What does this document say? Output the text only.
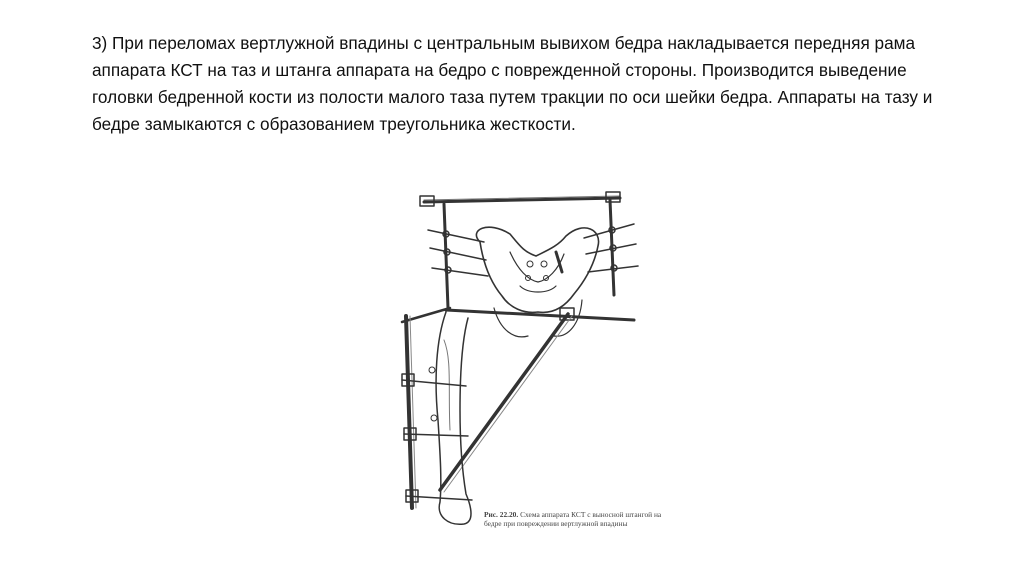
3) При переломах вертлужной впадины с центральным вывихом бедра накладывается передняя рама аппарата КСТ на таз и штанга аппарата на бедро с поврежденной стороны. Производится выведение головки бедренной кости из полости малого таза путем тракции по оси шейки бедра. Аппараты на тазу и бедре замыкаются с образованием треугольника жесткости.

Рис. 22.20. Схема аппарата КСТ с выносной штангой на бедре при повреждении вертлужной впадины
